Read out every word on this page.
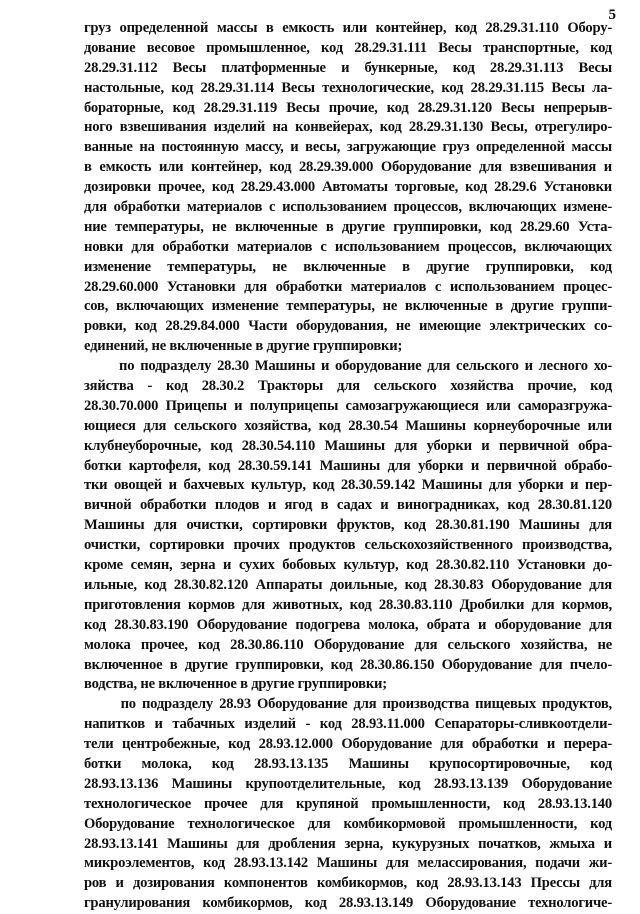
5
груз определенной массы в емкость или контейнер, код 28.29.31.110 Обору-
дование весовое промышленное, код 28.29.31.111 Весы транспортные, код
28.29.31.112 Весы платформенные и бункерные, код 28.29.31.113 Весы
настольные, код 28.29.31.114 Весы технологические, код 28.29.31.115 Весы ла-
бораторные, код 28.29.31.119 Весы прочие, код 28.29.31.120 Весы непрерыв-
ного взвешивания изделий на конвейерах, код 28.29.31.130 Весы, отрегулиро-
ванные на постоянную массу, и весы, загружающие груз определенной массы
в емкость или контейнер, код 28.29.39.000 Оборудование для взвешивания и
дозировки прочее, код 28.29.43.000 Автоматы торговые, код 28.29.6 Установки
для обработки материалов с использованием процессов, включающих измене-
ние температуры, не включенные в другие группировки, код 28.29.60 Уста-
новки для обработки материалов с использованием процессов, включающих
изменение температуры, не включенные в другие группировки, код
28.29.60.000 Установки для обработки материалов с использованием процес-
сов, включающих изменение температуры, не включенные в другие группи-
ровки, код 28.29.84.000 Части оборудования, не имеющие электрических со-
единений, не включенные в другие группировки;
по подразделу 28.30 Машины и оборудование для сельского и лесного хо-
зяйства - код 28.30.2 Тракторы для сельского хозяйства прочие, код
28.30.70.000 Прицепы и полуприцепы самозагружающиеся или саморазгружа-
ющиеся для сельского хозяйства, код 28.30.54 Машины корнеуборочные или
клубнеуборочные, код 28.30.54.110 Машины для уборки и первичной обра-
ботки картофеля, код 28.30.59.141 Машины для уборки и первичной обрабо-
тки овощей и бахчевых культур, код 28.30.59.142 Машины для уборки и пер-
вичной обработки плодов и ягод в садах и виноградниках, код 28.30.81.120
Машины для очистки, сортировки фруктов, код 28.30.81.190 Машины для
очистки, сортировки прочих продуктов сельскохозяйственного производства,
кроме семян, зерна и сухих бобовых культур, код 28.30.82.110 Установки до-
ильные, код 28.30.82.120 Аппараты доильные, код 28.30.83 Оборудование для
приготовления кормов для животных, код 28.30.83.110 Дробилки для кормов,
код 28.30.83.190 Оборудование подогрева молока, обрата и оборудование для
молока прочее, код 28.30.86.110 Оборудование для сельского хозяйства, не
включенное в другие группировки, код 28.30.86.150 Оборудование для пчело-
водства, не включенное в другие группировки;
по подразделу 28.93 Оборудование для производства пищевых продуктов,
напитков и табачных изделий - код 28.93.11.000 Сепараторы-сливкоотдели-
тели центробежные, код 28.93.12.000 Оборудование для обработки и перера-
ботки молока, код 28.93.13.135 Машины крупосортировочные, код
28.93.13.136 Машины крупоотделительные, код 28.93.13.139 Оборудование
технологическое прочее для крупяной промышленности, код 28.93.13.140
Оборудование технологическое для комбикормовой промышленности, код
28.93.13.141 Машины для дробления зерна, кукурузных початков, жмыха и
микроэлементов, код 28.93.13.142 Машины для мелассирования, подачи жи-
ров и дозирования компонентов комбикормов, код 28.93.13.143 Прессы для
гранулирования комбикормов, код 28.93.13.149 Оборудование технологиче-
